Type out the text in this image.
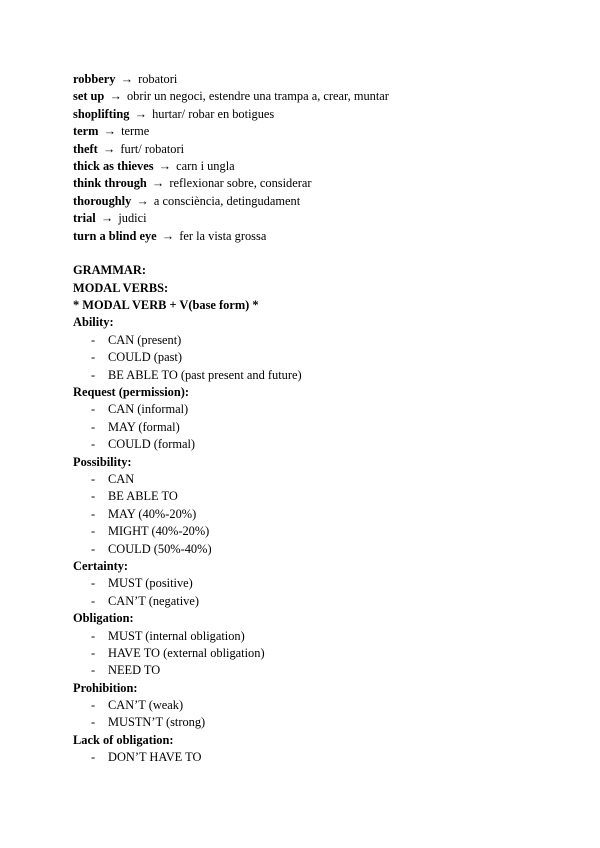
robbery → robatori
set up → obrir un negoci, estendre una trampa a, crear, muntar
shoplifting → hurtar/ robar en botigues
term → terme
theft → furt/ robatori
thick as thieves → carn i ungla
think through → reflexionar sobre, considerar
thoroughly → a consciència, detingudament
trial → judici
turn a blind eye → fer la vista grossa
GRAMMAR:
MODAL VERBS:
* MODAL VERB + V(base form) *
Ability:
- CAN (present)
- COULD (past)
- BE ABLE TO (past present and future)
Request (permission):
- CAN (informal)
- MAY (formal)
- COULD (formal)
Possibility:
- CAN
- BE ABLE TO
- MAY (40%-20%)
- MIGHT (40%-20%)
- COULD (50%-40%)
Certainty:
- MUST (positive)
- CAN’T (negative)
Obligation:
- MUST (internal obligation)
- HAVE TO (external obligation)
- NEED TO
Prohibition:
- CAN’T (weak)
- MUSTN’T (strong)
Lack of obligation:
- DON’T HAVE TO
